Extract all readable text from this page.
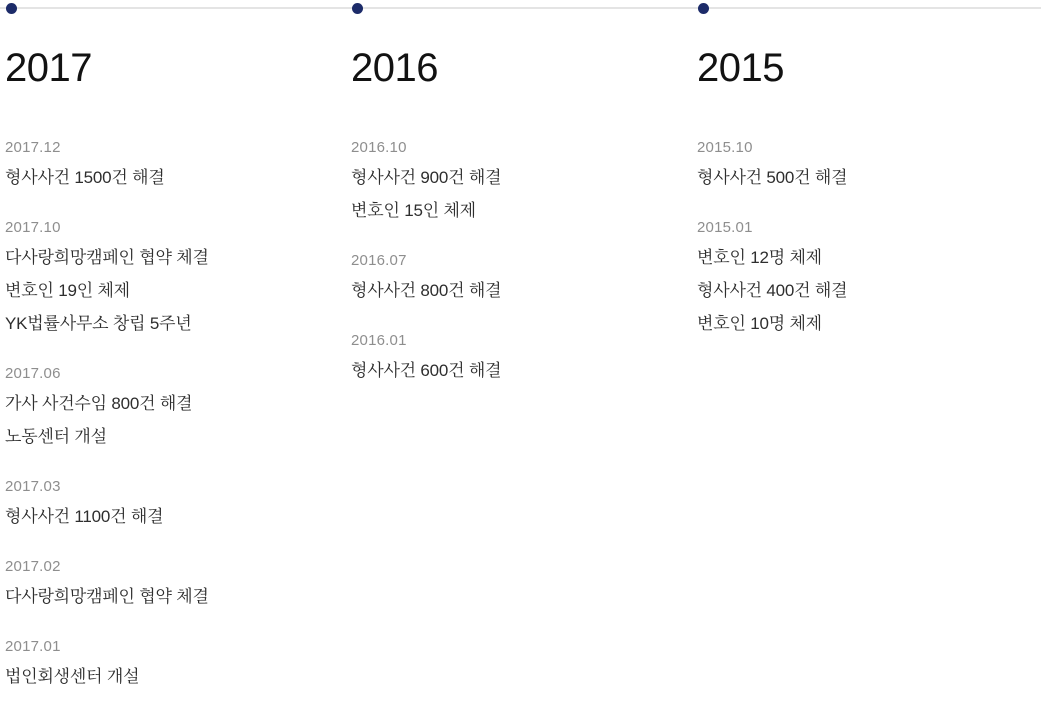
2017

2017.12

형사사건 1500건 해결

2017.10

다사랑희망캠페인 협약 체결

변호인 19인 체제

YK법률사무소 창립 5주년

2017.06

가사 사건수임 800건 해결

노동센터 개설

2017.03

형사사건 1100건 해결

2017.02

다사랑희망캠페인 협약 체결

2017.01

법인회생센터 개설

2016

2016.10

형사사건 900건 해결

변호인 15인 체제

2016.07

형사사건 800건 해결

2016.01

형사사건 600건 해결

2015

2015.10

형사사건 500건 해결

2015.01

변호인 12명 체제

형사사건 400건 해결

변호인 10명 체제
